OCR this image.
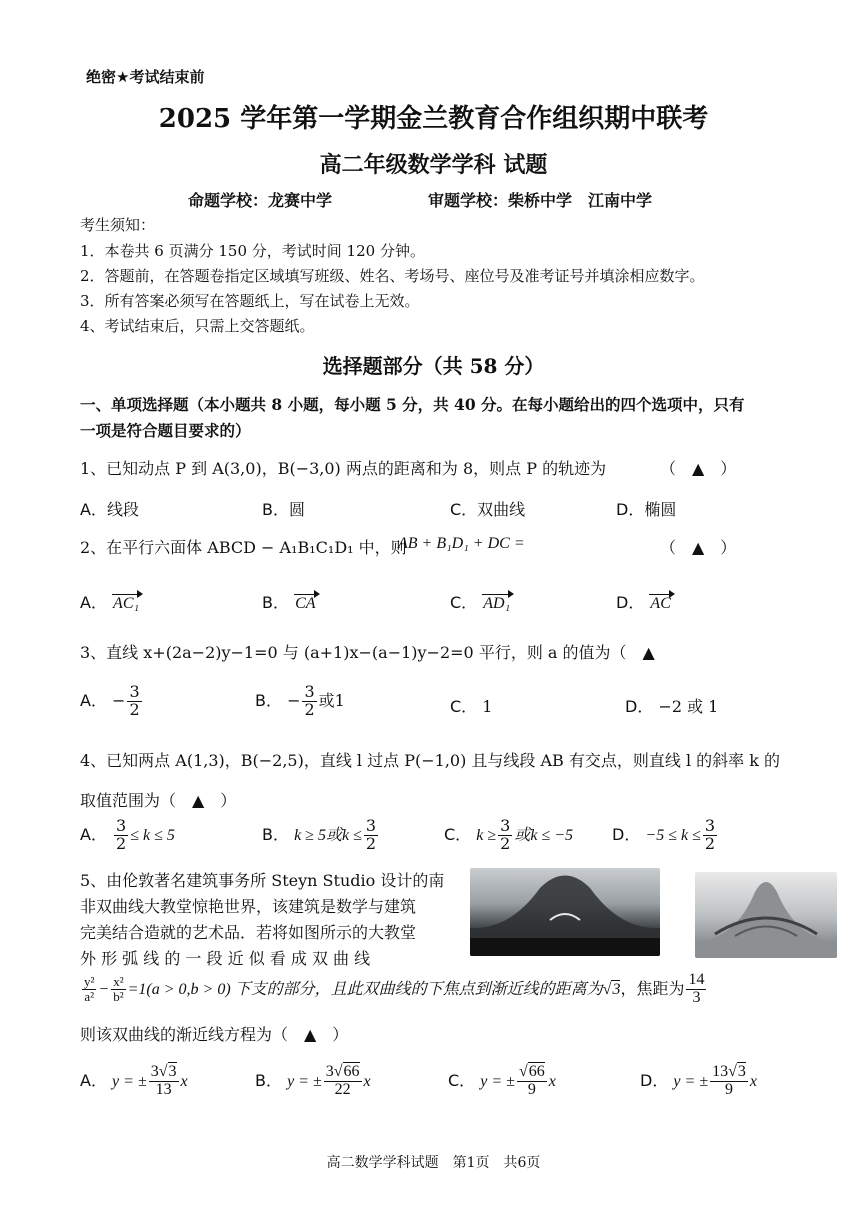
绝密★考试结束前
2025 学年第一学期金兰教育合作组织期中联考
高二年级数学学科 试题
命题学校：龙赛中学	审题学校：柴桥中学　江南中学
考生须知：
1．本卷共 6 页满分 150 分，考试时间 120 分钟。
2．答题前，在答题卷指定区域填写班级、姓名、考场号、座位号及准考证号并填涂相应数字。
3．所有答案必须写在答题纸上，写在试卷上无效。
4、考试结束后，只需上交答题纸。
选择题部分（共 58 分）
一、单项选择题（本小题共 8 小题，每小题 5 分，共 40 分。在每小题给出的四个选项中，只有
一项是符合题目要求的）
1、已知动点 P 到 A(3,0)，B(−3,0) 两点的距离和为 8，则点 P 的轨迹为	（　▲　）
A．线段	B．圆	C．双曲线	D．椭圆
2、在平行六面体 ABCD − A₁B₁C₁D₁ 中，则
AB + B₁D₁ + DC =	（　▲　）
A． AC₁	B． CA	C． AD₁	D． AC
3、直线 x+(2a−2)y−1=0 与 (a+1)x−(a−1)y−2=0 平行，则 a 的值为（　▲
A． − $\frac{3}{2}$	B． − $\frac{3}{2}$ 或1	C． 1	D． −2 或 1
4、已知两点 A(1,3)，B(−2,5)，直线 l 过点 P(−1,0) 且与线段 AB 有交点，则直线 l 的斜率 k 的
取值范围为（　▲　）
A． $\frac{3}{2} \le k \le 5$	B． k ≥ 5或$k \le \frac{3}{2}$	C． $k \ge \frac{3}{2}$ 或k ≤ −5 D． $-5 \le k \le \frac{3}{2}$
5、由伦敦著名建筑事务所 Steyn Studio 设计的南
非双曲线大教堂惊艳世界，该建筑是数学与建筑
完美结合造就的艺术品．若将如图所示的大教堂
外 形 弧 线 的 一 段 近 似 看 成 双 曲 线
$\frac{\text{y²}}{\text{a²}} - \frac{\text{x²}}{\text{b²}} =1(a > 0,b > 0)$ 下支的部分，且此双曲线的下焦点到渐近线的距离为√3，焦距为 $\frac{14}{3}$
则该双曲线的渐近线方程为（　▲　）
A． y = ± $\frac{3√3}{13}$ x	B． y = ± $\frac{3√66}{22}$ x	C． y = ± $\frac{√66}{9}$ x	D． y = ± $\frac{13√3}{9}$ x
高二数学学科试题　第1页　共6页
